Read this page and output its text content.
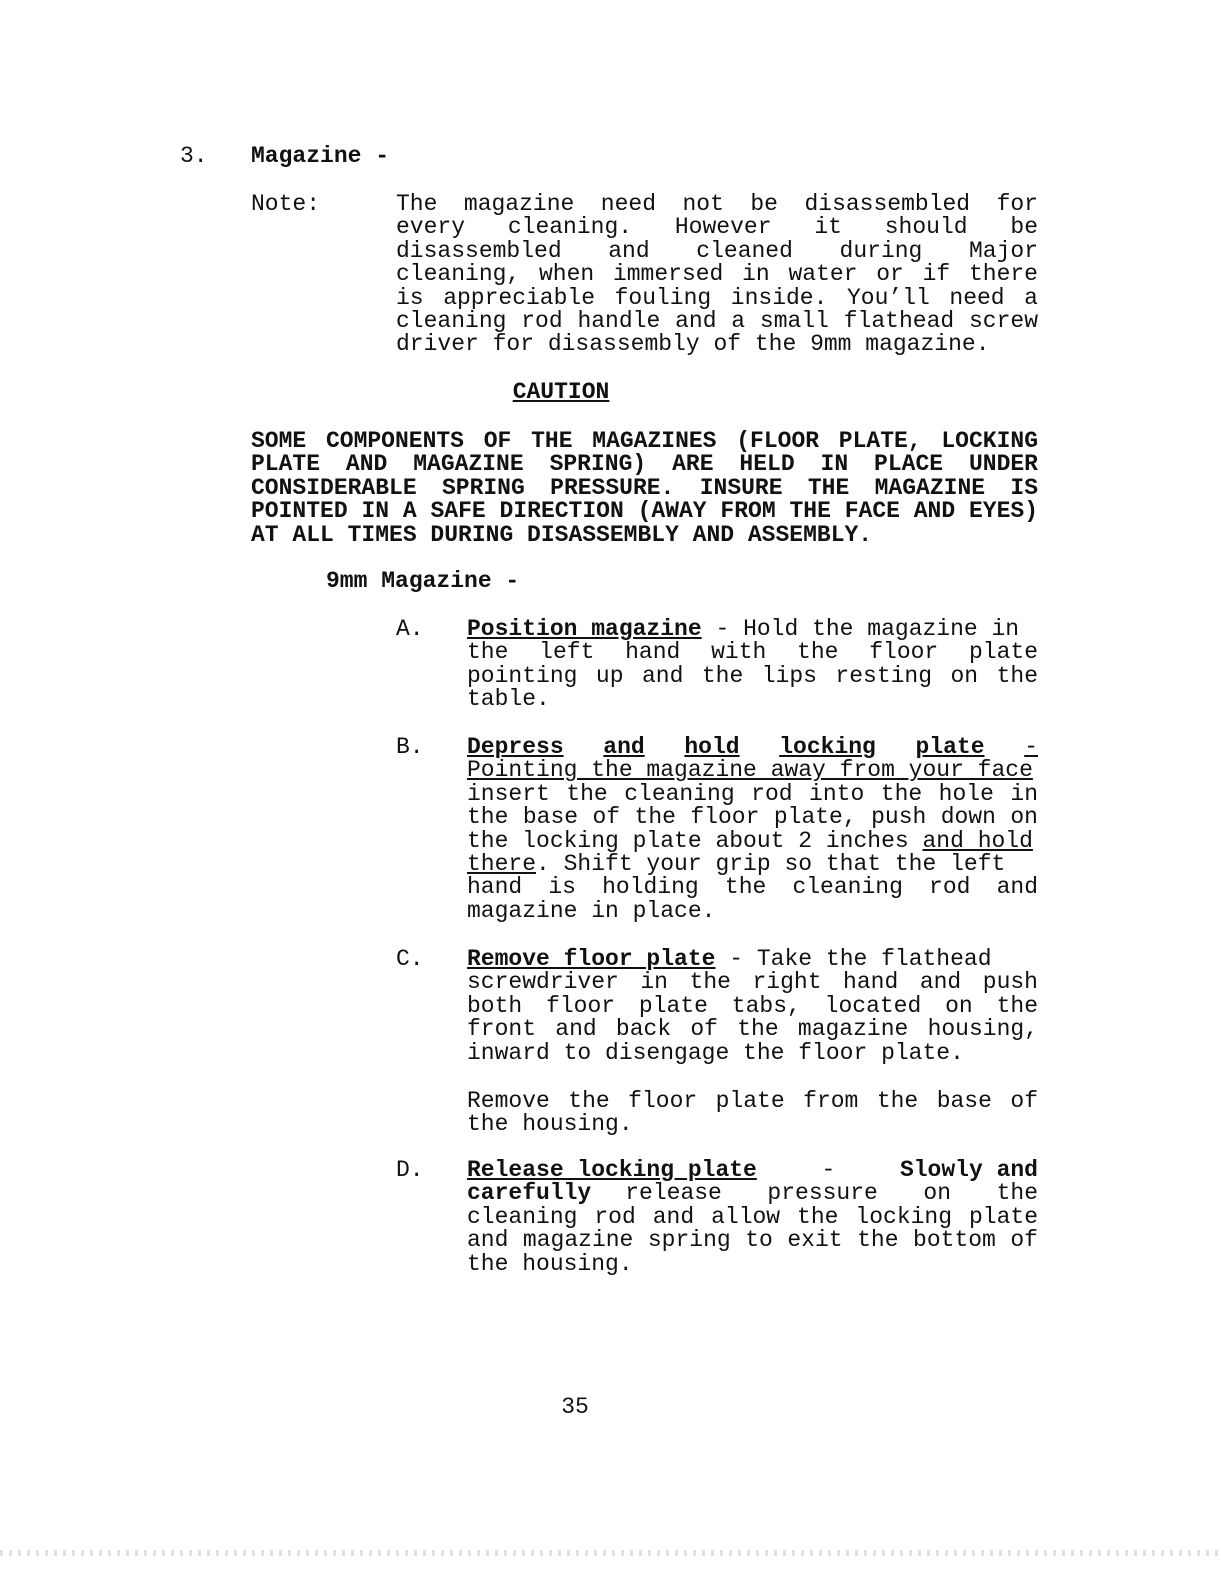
3. Magazine -
Note:	The magazine need not be disassembled for
every cleaning. However it should be
disassembled and cleaned during Major
cleaning, when immersed in water or if there
is appreciable fouling inside. You’ll need a
cleaning rod handle and a small flathead screw
driver for disassembly of the 9mm magazine.
CAUTION
SOME COMPONENTS OF THE MAGAZINES (FLOOR PLATE, LOCKING
PLATE AND MAGAZINE SPRING) ARE HELD IN PLACE UNDER
CONSIDERABLE SPRING PRESSURE. INSURE THE MAGAZINE IS
POINTED IN A SAFE DIRECTION (AWAY FROM THE FACE AND EYES)
AT ALL TIMES DURING DISASSEMBLY AND ASSEMBLY.
9mm Magazine -
A. Position magazine - Hold the magazine in
the left hand with the floor plate
pointing up and the lips resting on the
table.
B. Depress and hold locking plate -
Pointing the magazine away from your face
insert the cleaning rod into the hole in
the base of the floor plate, push down on
the locking plate about 2 inches and hold
there. Shift your grip so that the left
hand is holding the cleaning rod and
magazine in place.
C. Remove floor plate - Take the flathead
screwdriver in the right hand and push
both floor plate tabs, located on the
front and back of the magazine housing,
inward to disengage the floor plate.
Remove the floor plate from the base of
the housing.
D. Release locking plate	-	Slowly and
carefully release pressure on the
cleaning rod and allow the locking plate
and magazine spring to exit the bottom of
the housing.
35
